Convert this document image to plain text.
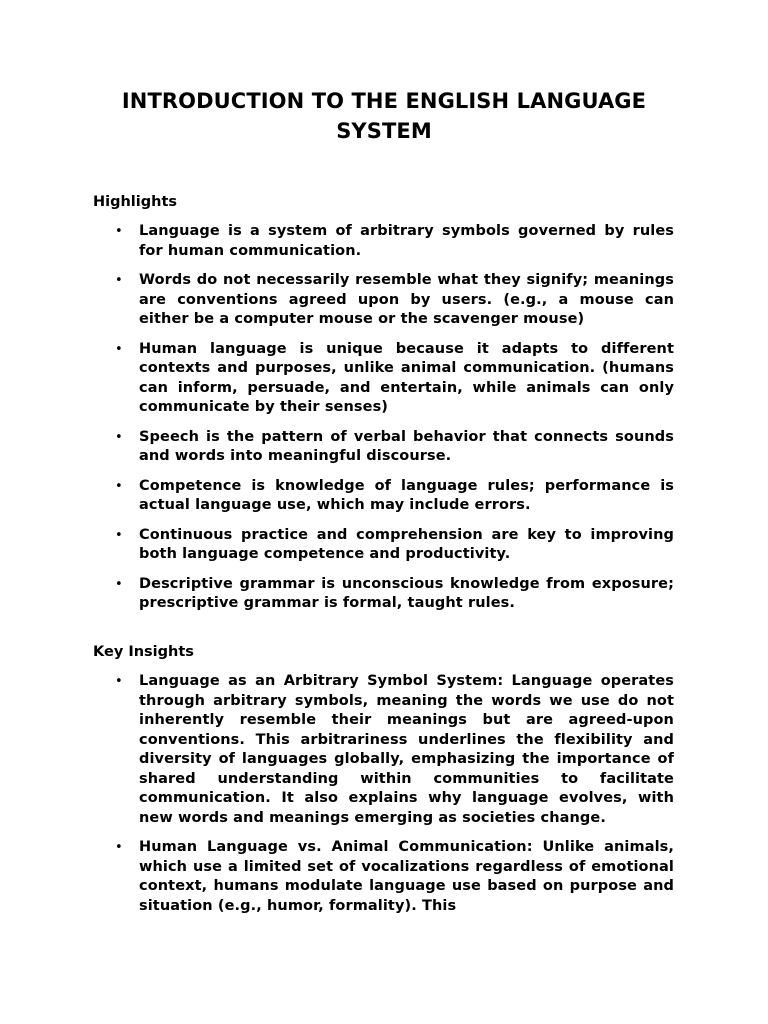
INTRODUCTION TO THE ENGLISH LANGUAGE SYSTEM
Highlights
• Language is a system of arbitrary symbols governed by rules for human communication.
• Words do not necessarily resemble what they signify; meanings are conventions agreed upon by users. (e.g., a mouse can either be a computer mouse or the scavenger mouse)
• Human language is unique because it adapts to different contexts and purposes, unlike animal communication. (humans can inform, persuade, and entertain, while animals can only communicate by their senses)
• Speech is the pattern of verbal behavior that connects sounds and words into meaningful discourse.
• Competence is knowledge of language rules; performance is actual language use, which may include errors.
• Continuous practice and comprehension are key to improving both language competence and productivity.
• Descriptive grammar is unconscious knowledge from exposure; prescriptive grammar is formal, taught rules.
Key Insights
• Language as an Arbitrary Symbol System: Language operates through arbitrary symbols, meaning the words we use do not inherently resemble their meanings but are agreed-upon conventions. This arbitrariness underlines the flexibility and diversity of languages globally, emphasizing the importance of shared understanding within communities to facilitate communication. It also explains why language evolves, with new words and meanings emerging as societies change.
• Human Language vs. Animal Communication: Unlike animals, which use a limited set of vocalizations regardless of emotional context, humans modulate language use based on purpose and situation (e.g., humor, formality). This
